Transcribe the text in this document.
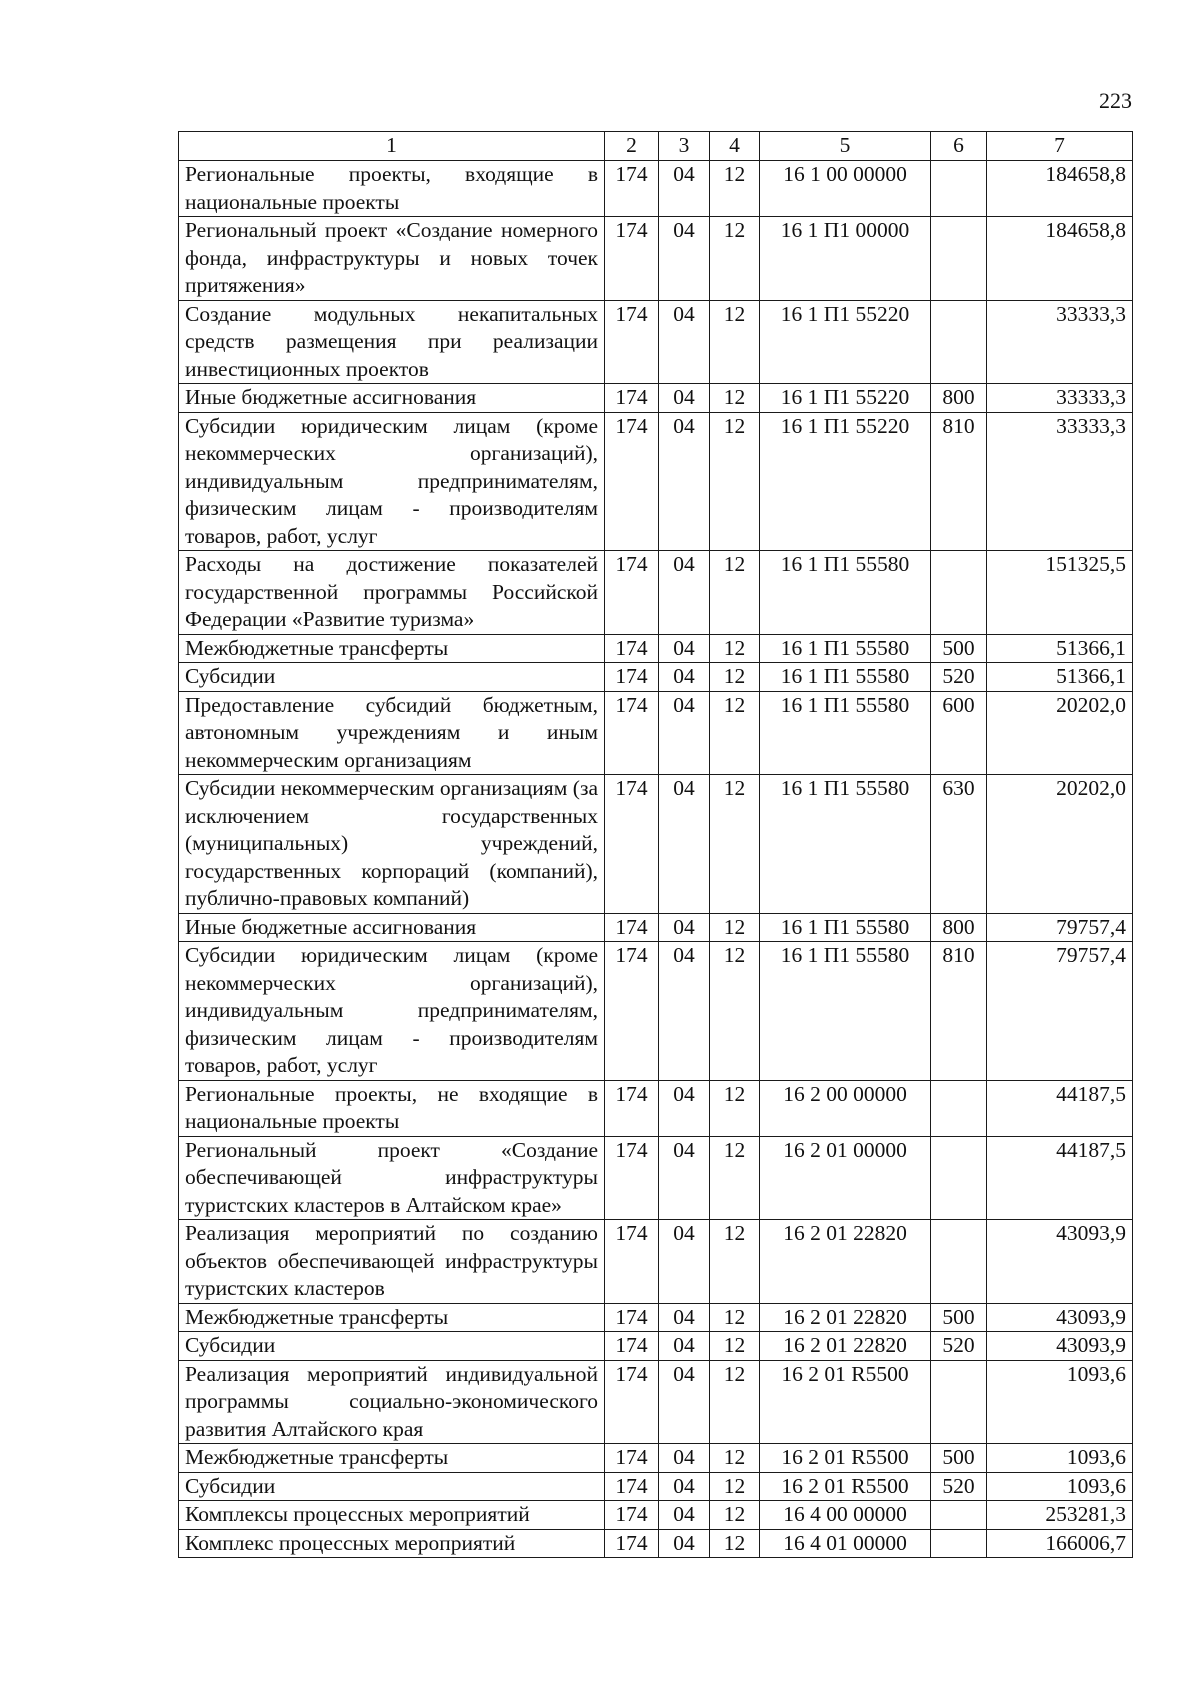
223
1	2	3	4	5	6	7
Региональные проекты, входящие в национальные проекты	174	04	12	16 1 00 00000		184658,8
Региональный проект «Создание номерного фонда, инфраструктуры и новых точек притяжения»	174	04	12	16 1 П1 00000		184658,8
Создание модульных некапитальных средств размещения при реализации инвестиционных проектов	174	04	12	16 1 П1 55220		33333,3
Иные бюджетные ассигнования	174	04	12	16 1 П1 55220	800	33333,3
Субсидии юридическим лицам (кроме некоммерческих организаций), индивидуальным предпринимателям, физическим лицам - производителям товаров, работ, услуг	174	04	12	16 1 П1 55220	810	33333,3
Расходы на достижение показателей государственной программы Российской Федерации «Развитие туризма»	174	04	12	16 1 П1 55580		151325,5
Межбюджетные трансферты	174	04	12	16 1 П1 55580	500	51366,1
Субсидии	174	04	12	16 1 П1 55580	520	51366,1
Предоставление субсидий бюджетным, автономным учреждениям и иным некоммерческим организациям	174	04	12	16 1 П1 55580	600	20202,0
Субсидии некоммерческим организациям (за исключением государственных (муниципальных) учреждений, государственных корпораций (компаний), публично-правовых компаний)	174	04	12	16 1 П1 55580	630	20202,0
Иные бюджетные ассигнования	174	04	12	16 1 П1 55580	800	79757,4
Субсидии юридическим лицам (кроме некоммерческих организаций), индивидуальным предпринимателям, физическим лицам - производителям товаров, работ, услуг	174	04	12	16 1 П1 55580	810	79757,4
Региональные проекты, не входящие в национальные проекты	174	04	12	16 2 00 00000		44187,5
Региональный проект «Создание обеспечивающей инфраструктуры туристских кластеров в Алтайском крае»	174	04	12	16 2 01 00000		44187,5
Реализация мероприятий по созданию объектов обеспечивающей инфраструктуры туристских кластеров	174	04	12	16 2 01 22820		43093,9
Межбюджетные трансферты	174	04	12	16 2 01 22820	500	43093,9
Субсидии	174	04	12	16 2 01 22820	520	43093,9
Реализация мероприятий индивидуальной программы социально-экономического развития Алтайского края	174	04	12	16 2 01 R5500		1093,6
Межбюджетные трансферты	174	04	12	16 2 01 R5500	500	1093,6
Субсидии	174	04	12	16 2 01 R5500	520	1093,6
Комплексы процессных мероприятий	174	04	12	16 4 00 00000		253281,3
Комплекс процессных мероприятий	174	04	12	16 4 01 00000		166006,7
